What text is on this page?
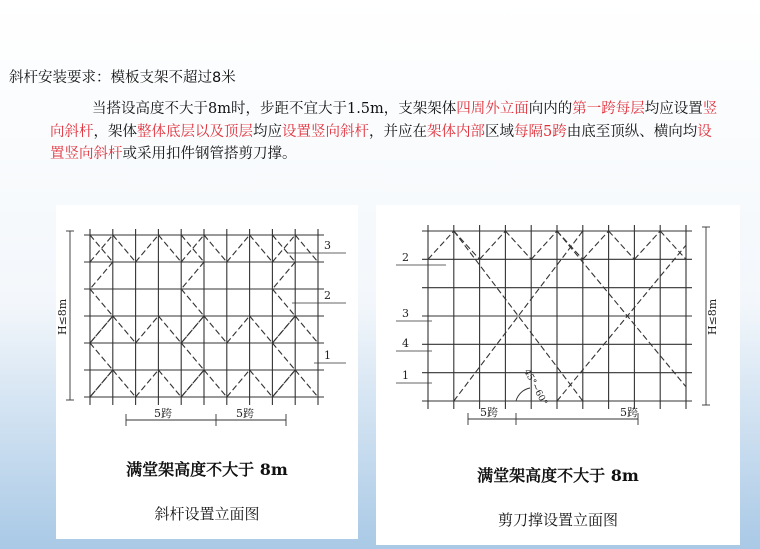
斜杆安装要求：模板支架不超过8米

当搭设高度不大于8m时，步距不宜大于1.5m，支架架体四周外立面向内的第一跨每层均应设置竖向斜杆，架体整体底层以及顶层均应设置竖向斜杆，并应在架体内部区域每隔5跨由底至顶纵、横向均设置竖向斜杆或采用扣件钢管搭剪刀撑。

H≤8m
5跨	5跨
3
2
1
满堂架高度不大于 8m
斜杆设置立面图
H≤8m
5跨	5跨
2
3
4
1	45°~60°
满堂架高度不大于 8m
剪刀撑设置立面图
